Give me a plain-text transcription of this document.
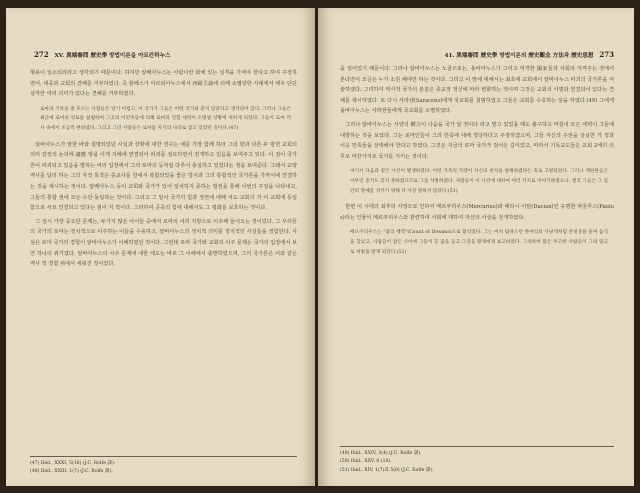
272 XV. 異端審問 歷史學 방법이론을 아르칸하누스

형용이 일소되리라고 생각되기 때문이다. 하지만 알베아누스는 사람이란 화해 있는 성격을 가져야 한다고 하여 주장하면서, 대중과 교회의 견해를 거부하였다. 즉 할베스가 아르티아누스에서 西歐主義에 의해 소멸당한 사례에서 매우 단단 심각한 여러 의미가 있다는 견해를 거부하였다.

로마의 기록을 잘 모르는 사람들은 알기 어렵고, 이 국가가 그들은 어떤 국가와 같지 않았다고 생각되어 있다. 그러나 그들은 최근에 로마의 영토를 침범하여 그곳의 이민족들에 의해 로마의 연합 세력이 소멸될 상황에 처하게 되었다. 그들이 로마 역사 속에서 조금씩 변하였다. 그리고 그런 사람들은 로마를 자기의 나라로 삼고 있었던 것이다.(47)

알바아누스가 말한 바와 설명되었던 사실과 상황에 대한 연구는 애를 가장 함께 하라 그의 방과 다른 두 방면 교회의 의미 감장의 논의에 適應 방을 이게 지해에 연결되어 파괴를 검토하면서 전개하고 있음을 보여주고 있다. 이 점이 국가론이 파괴되고 있음을 말하는 여러 입장에서 그의 로마의 등처럼 다루어 충실하고 있었다는 점을 보여준다. 그래서 교양 역사를 달리 하는 그의 자적 목적은 종교사를 한에서 복합되었을 좋은 방식과 그의 통합적인 국가론을 가까이에 연결하는 것을 제시하는 것이다. 알베아누스 등이 교회와 국가가 있어 일치하지 못하는 발전을 통해 이번의 주장을 나타내고, 그들의 통합 권에 모든 수단 동일하는 것이다. 그리고 그 일이 국가의 힘과 정권에 대해 서도 교회의 가 이 교회에 동일함으로 서로 연결되고 있다는 점이 지 적이다. 그리하여 공공의 힘에 대해서도 그 평화를 보호하는 것이다.

그 임시 가장 중요한 문제는, 두가지 많은 아이들 중에서 로마의 여러 지방으로 이주해 들어오는 것이었다. 그 우리들의 국가의 로마는 정치적으로 이주하는 이들을 수용하고, 알바아누스의 정치적 의미를 정치적인 사실들을 경험한다. 사실은 로마 국가의 경험이 알바아누스가 이해하였던 것이다. 그런데 로마 국가와 교회의 이주 문제는 국가의 입장에서 보면 하나의 위기였다. 알바아누스의 이주 문제에 대한 태도는 바로 그 이해에서 출발하였으며, 그의 국가론은 이와 같은 역사 적 경험 위에서 세워진 것이었다.

(47) Ibid., XXXI, 5(18) (J.C. Rolfe 譯).

(48) Ibid., XXIII, 1(7) (J.C. Rolfe 譯).

41. 異端審問 歷史學 방법이론의 歷史觀念 方法과 歷史思想 273

을 일이었기 때문이다. 그러나 알바아누스는 노골으로는, 올바아누스가 그리고 미개한 國家들과 사회의 지켜주는 것에서 본다면서 조금은 누가 소원 해야만 하는 것이다. 그리고 이 말에 대해서는 최초에 교회에서 알바아누스 파괴의 국가론을 서술하였다. 그리하여 역사적 국가의 본질은 종교적 정신에 따라 변화하는 것이며 그것은 교회의 사명과 연결되어 있다는 견해를 제시하였다. 또 다시 사라센(Saracens)에게 국교회를 침범하였고 그들은 교회를 수호하는 일을 하였다.(49) 그에게 올바아누스는 사라센들에게 국교회를 소멸하였다.

그러나 알바아누스는 서양의 權力이 다음을 국가 알 것이다 라고 말고 있었을 때도 불구하고 마침내 모든 세력이 그들에 대항하는 것을 보았다. 그는 로마인들이 그의 민족에 대해 정당하다고 주장하였으며, 그들 자신의 주권을 상실한 가 정과 이웃 민족들을 상대해야 한다고 하였다. 그것은 지금의 로마 국가가 걸어온 길이었고, 따라서 기독교도들은 교회 2세의 의무로 마찬가지로 국가를 지키는 것이다.

여기서 다음과 같은 사건이 발생하였다. 어떤 가족의 가장이 자신의 친척을 살해하였다는 죄로 고발되었다. 그러나 재판관들은 아무런 증거도 찾지 못하였으므로 그를 석방하였다. 사람들이 이 사건에 대하여 여러 가지로 이야기하였으나, 결국 그들은 그 집안의 명예를 지키기 위해 더 이상 말하지 않았다.(51)

한편 이 시대의 최후의 사정으로 인하여 메르쿠리우스(Mercurius)와 해티시 이탄(Dacian)인 유명한 파울루스(Paulus)라는 인물이 메르쿠리우스와 관련하여 사회에 대하여 자신의 사상을 전개하였다.

메르쿠리우스는 "꿈의 백작"(Count of Dreams)으로 불리었다. 그는 마치 탐욕스런 한마리의 사냥개처럼 잔칫상을 돌며 음식을 찾았고, 사람들이 잠든 사이에 그들이 꾼 꿈을 듣고 그것을 황제에게 보고하였다. 그리하여 많은 무고한 사람들이 그의 밀고로 처벌을 받게 되었다.(52)

(49) Ibid., XXIV, 3(4) (J.C. Rolfe 譯).

(50) Ibid., XXV, 6 (10).

(51) Ibid., XIV, 1(7)과 5(8) (J.C. Rolfe 譯).
